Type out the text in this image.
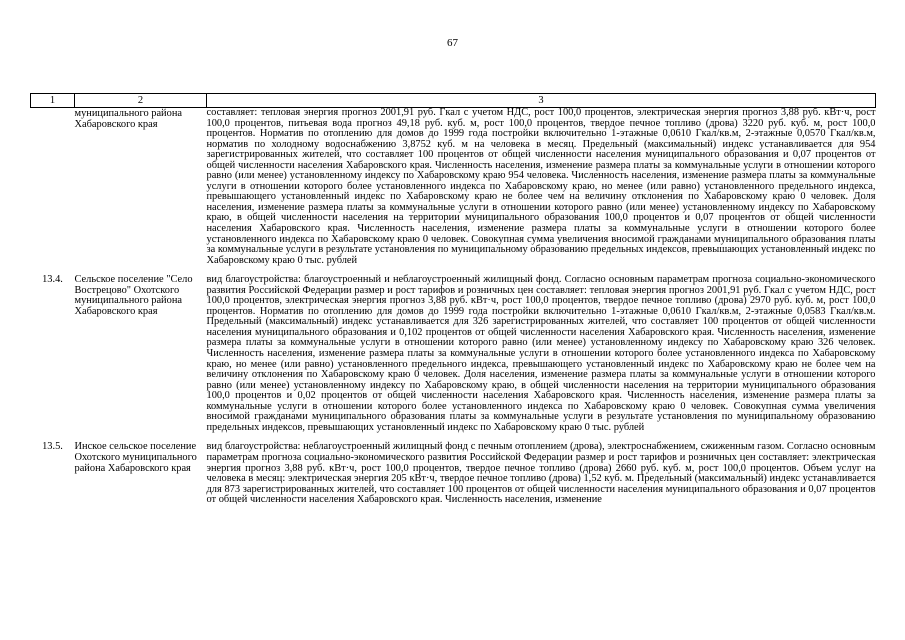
67
1	2	3
	муниципального района Хабаровского края	составляет: тепловая энергия прогноз 2001,91 руб. Гкал с учетом НДС, рост 100,0 процентов, электрическая энергия прогноз 3,88 руб. кВт·ч, рост 100,0 процентов, питьевая вода прогноз 49,18 руб. куб. м, рост 100,0 процентов, твердое печное топливо (дрова) 3220 руб. куб. м, рост 100,0 процентов. Норматив по отоплению для домов до 1999 года постройки включительно 1-этажные 0,0610 Гкал/кв.м, 2-этажные 0,0570 Гкал/кв.м, норматив по холодному водоснабжению 3,8752 куб. м на человека в месяц. Предельный (максимальный) индекс устанавливается для 954 зарегистрированных жителей, что составляет 100 процентов от общей численности населения муниципального образования и 0,07 процентов от общей численности населения Хабаровского края. Численность населения, изменение размера платы за коммунальные услуги в отношении которого равно (или менее) установленному индексу по Хабаровскому краю 954 человека. Численность населения, изменение размера платы за коммунальные услуги в отношении которого более установленного индекса по Хабаровскому краю, но менее (или равно) установленного предельного индекса, превышающего установленный индекс по Хабаровскому краю не более чем на величину отклонения по Хабаровскому краю 0 человек. Доля населения, изменение размера платы за коммунальные услуги в отношении которого равно (или менее) установленному индексу по Хабаровскому краю, в общей численности населения на территории муниципального образования 100,0 процентов и 0,07 процентов от общей численности населения Хабаровского края. Численность населения, изменение размера платы за коммунальные услуги в отношении которого более установленного индекса по Хабаровскому краю 0 человек. Совокупная сумма увеличения вносимой гражданами муниципального образования платы за коммунальные услуги в результате установления по муниципальному образованию предельных индексов, превышающих установленный индекс по Хабаровскому краю 0 тыс. рублей

13.4.	Сельское поселение "Село Вострецово" Охотского муниципального района Хабаровского края	вид благоустройства: благоустроенный и неблагоустроенный жилищный фонд. Согласно основным параметрам прогноза социально-экономического развития Российской Федерации размер и рост тарифов и розничных цен составляет: тепловая энергия прогноз 2001,91 руб. Гкал с учетом НДС, рост 100,0 процентов, электрическая энергия прогноз 3,88 руб. кВт·ч, рост 100,0 процентов, твердое печное топливо (дрова) 2970 руб. куб. м, рост 100,0 процентов. Норматив по отоплению для домов до 1999 года постройки включительно 1-этажные 0,0610 Гкал/кв.м, 2-этажные 0,0583 Гкал/кв.м. Предельный (максимальный) индекс устанавливается для 326 зарегистрированных жителей, что составляет 100 процентов от общей численности населения муниципального образования и 0,102 процентов от общей численности населения Хабаровского края. Численность населения, изменение размера платы за коммунальные услуги в отношении которого равно (или менее) установленному индексу по Хабаровскому краю 326 человек. Численность населения, изменение размера платы за коммунальные услуги в отношении которого более установленного индекса по Хабаровскому краю, но менее (или равно) установленного предельного индекса, превышающего установленный индекс по Хабаровскому краю не более чем на величину отклонения по Хабаровскому краю 0 человек. Доля населения, изменение размера платы за коммунальные услуги в отношении которого равно (или менее) установленному индексу по Хабаровскому краю, в общей численности населения на территории муниципального образования 100,0 процентов и 0,02 процентов от общей численности населения Хабаровского края. Численность населения, изменение размера платы за коммунальные услуги в отношении которого более установленного индекса по Хабаровскому краю 0 человек. Совокупная сумма увеличения вносимой гражданами муниципального образования платы за коммунальные услуги в результате установления по муниципальному образованию предельных индексов, превышающих установленный индекс по Хабаровскому краю 0 тыс. рублей

13.5.	Инское сельское поселение Охотского муниципального района Хабаровского края	вид благоустройства: неблагоустроенный жилищный фонд с печным отоплением (дрова), электроснабжением, сжиженным газом. Согласно основным параметрам прогноза социально-экономического развития Российской Федерации размер и рост тарифов и розничных цен составляет: электрическая энергия прогноз 3,88 руб. кВт·ч, рост 100,0 процентов, твердое печное топливо (дрова) 2660 руб. куб. м, рост 100,0 процентов. Объем услуг на человека в месяц: электрическая энергия 205 кВт·ч, твердое печное топливо (дрова) 1,52 куб. м. Предельный (максимальный) индекс устанавливается для 873 зарегистрированных жителей, что составляет 100 процентов от общей численности населения муниципального образования и 0,07 процентов от общей численности населения Хабаровского края. Численность населения, изменение
